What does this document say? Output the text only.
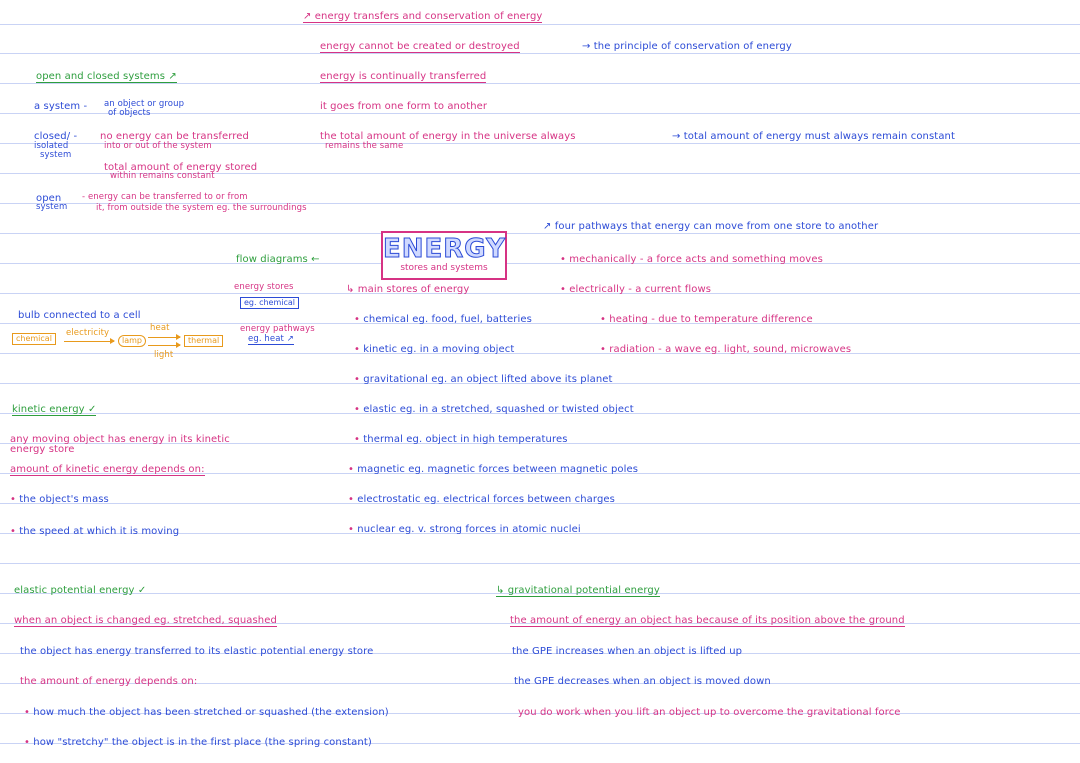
↗ energy transfers and conservation of energy
energy cannot be created or destroyed	→ the principle of conservation of energy
energy is continually transferred
it goes from one form to another
the total amount of energy in the universe always
remains the same
→ total amount of energy must always remain constant
open and closed systems ↗
a system - an object or group
of objects
closed/ -
isolated
system
no energy can be transferred
into or out of the system
total amount of energy stored
within remains constant
open
system
- energy can be transferred to or from
it, from outside the system eg. the surroundings
ENERGY
stores and systems
flow diagrams ←
energy stores
eg. chemical
energy pathways
eg. heat ↗
bulb connected to a cell
chemical
electricity
lamp
heat
light
thermal
↳ main stores of energy
• chemical eg. food, fuel, batteries
• kinetic eg. in a moving object
• gravitational eg. an object lifted above its planet
• elastic eg. in a stretched, squashed or twisted object
• thermal eg. object in high temperatures
• magnetic eg. magnetic forces between magnetic poles
• electrostatic eg. electrical forces between charges
• nuclear eg. v. strong forces in atomic nuclei
↗ four pathways that energy can move from one store to another
• mechanically - a force acts and something moves
• electrically - a current flows
• heating - due to temperature difference
• radiation - a wave eg. light, sound, microwaves
kinetic energy ✓
any moving object has energy in its kinetic
energy store
amount of kinetic energy depends on:
• the object's mass
• the speed at which it is moving
elastic potential energy ✓
when an object is changed eg. stretched, squashed
the object has energy transferred to its elastic potential energy store
the amount of energy depends on:
• how much the object has been stretched or squashed (the extension)
• how "stretchy" the object is in the first place (the spring constant)
↳ gravitational potential energy
the amount of energy an object has because of its position above the ground
the GPE increases when an object is lifted up
the GPE decreases when an object is moved down
you do work when you lift an object up to overcome the gravitational force
